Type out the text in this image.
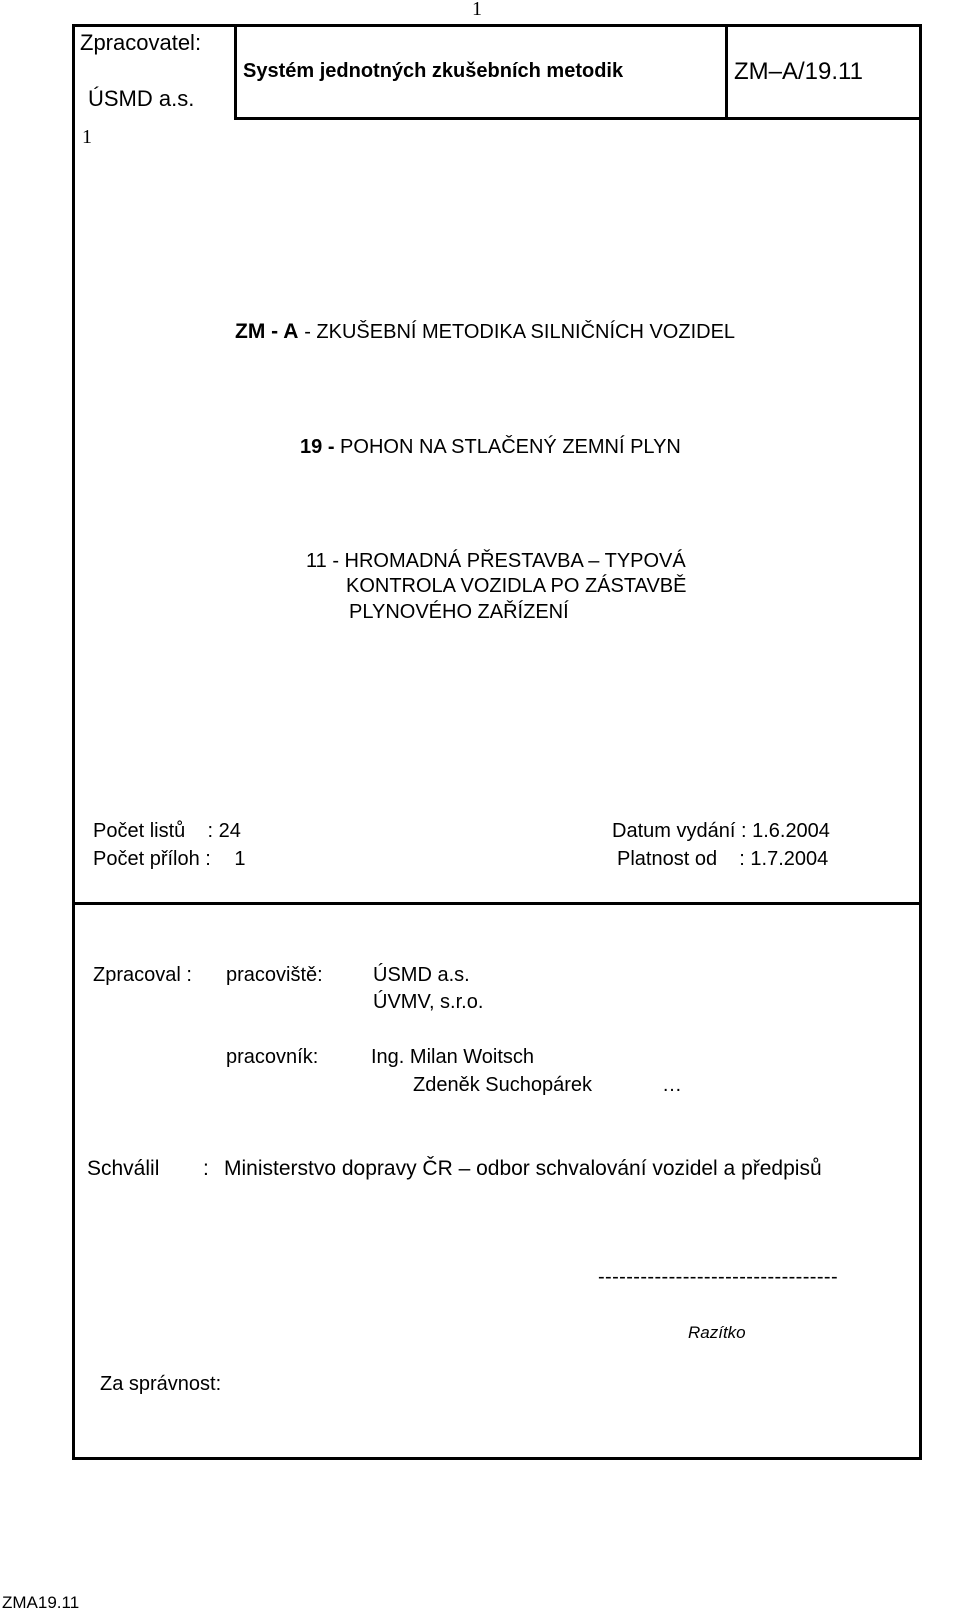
1
Zpracovatel:
ÚSMD a.s.
1
Systém jednotných zkušebních metodik	ZM–A/19.11
ZM - A - ZKUŠEBNÍ METODIKA SILNIČNÍCH VOZIDEL
19 - POHON NA STLAČENÝ ZEMNÍ PLYN
11 - HROMADNÁ PŘESTAVBA – TYPOVÁ
KONTROLA VOZIDLA PO ZÁSTAVBĚ
PLYNOVÉHO ZAŘÍZENÍ
Počet listů    : 24
Počet příloh : 1
Datum vydání : 1.6.2004
Platnost od    : 1.7.2004
Zpracoval : pracoviště:	ÚSMD a.s.
ÚVMV, s.r.o.
pracovník:	Ing. Milan Woitsch
Zdeněk Suchopárek	…
Schválil : Ministerstvo dopravy ČR – odbor schvalování vozidel a předpisů
----------------------------------
Razítko
Za správnost:
ZMA19.11
